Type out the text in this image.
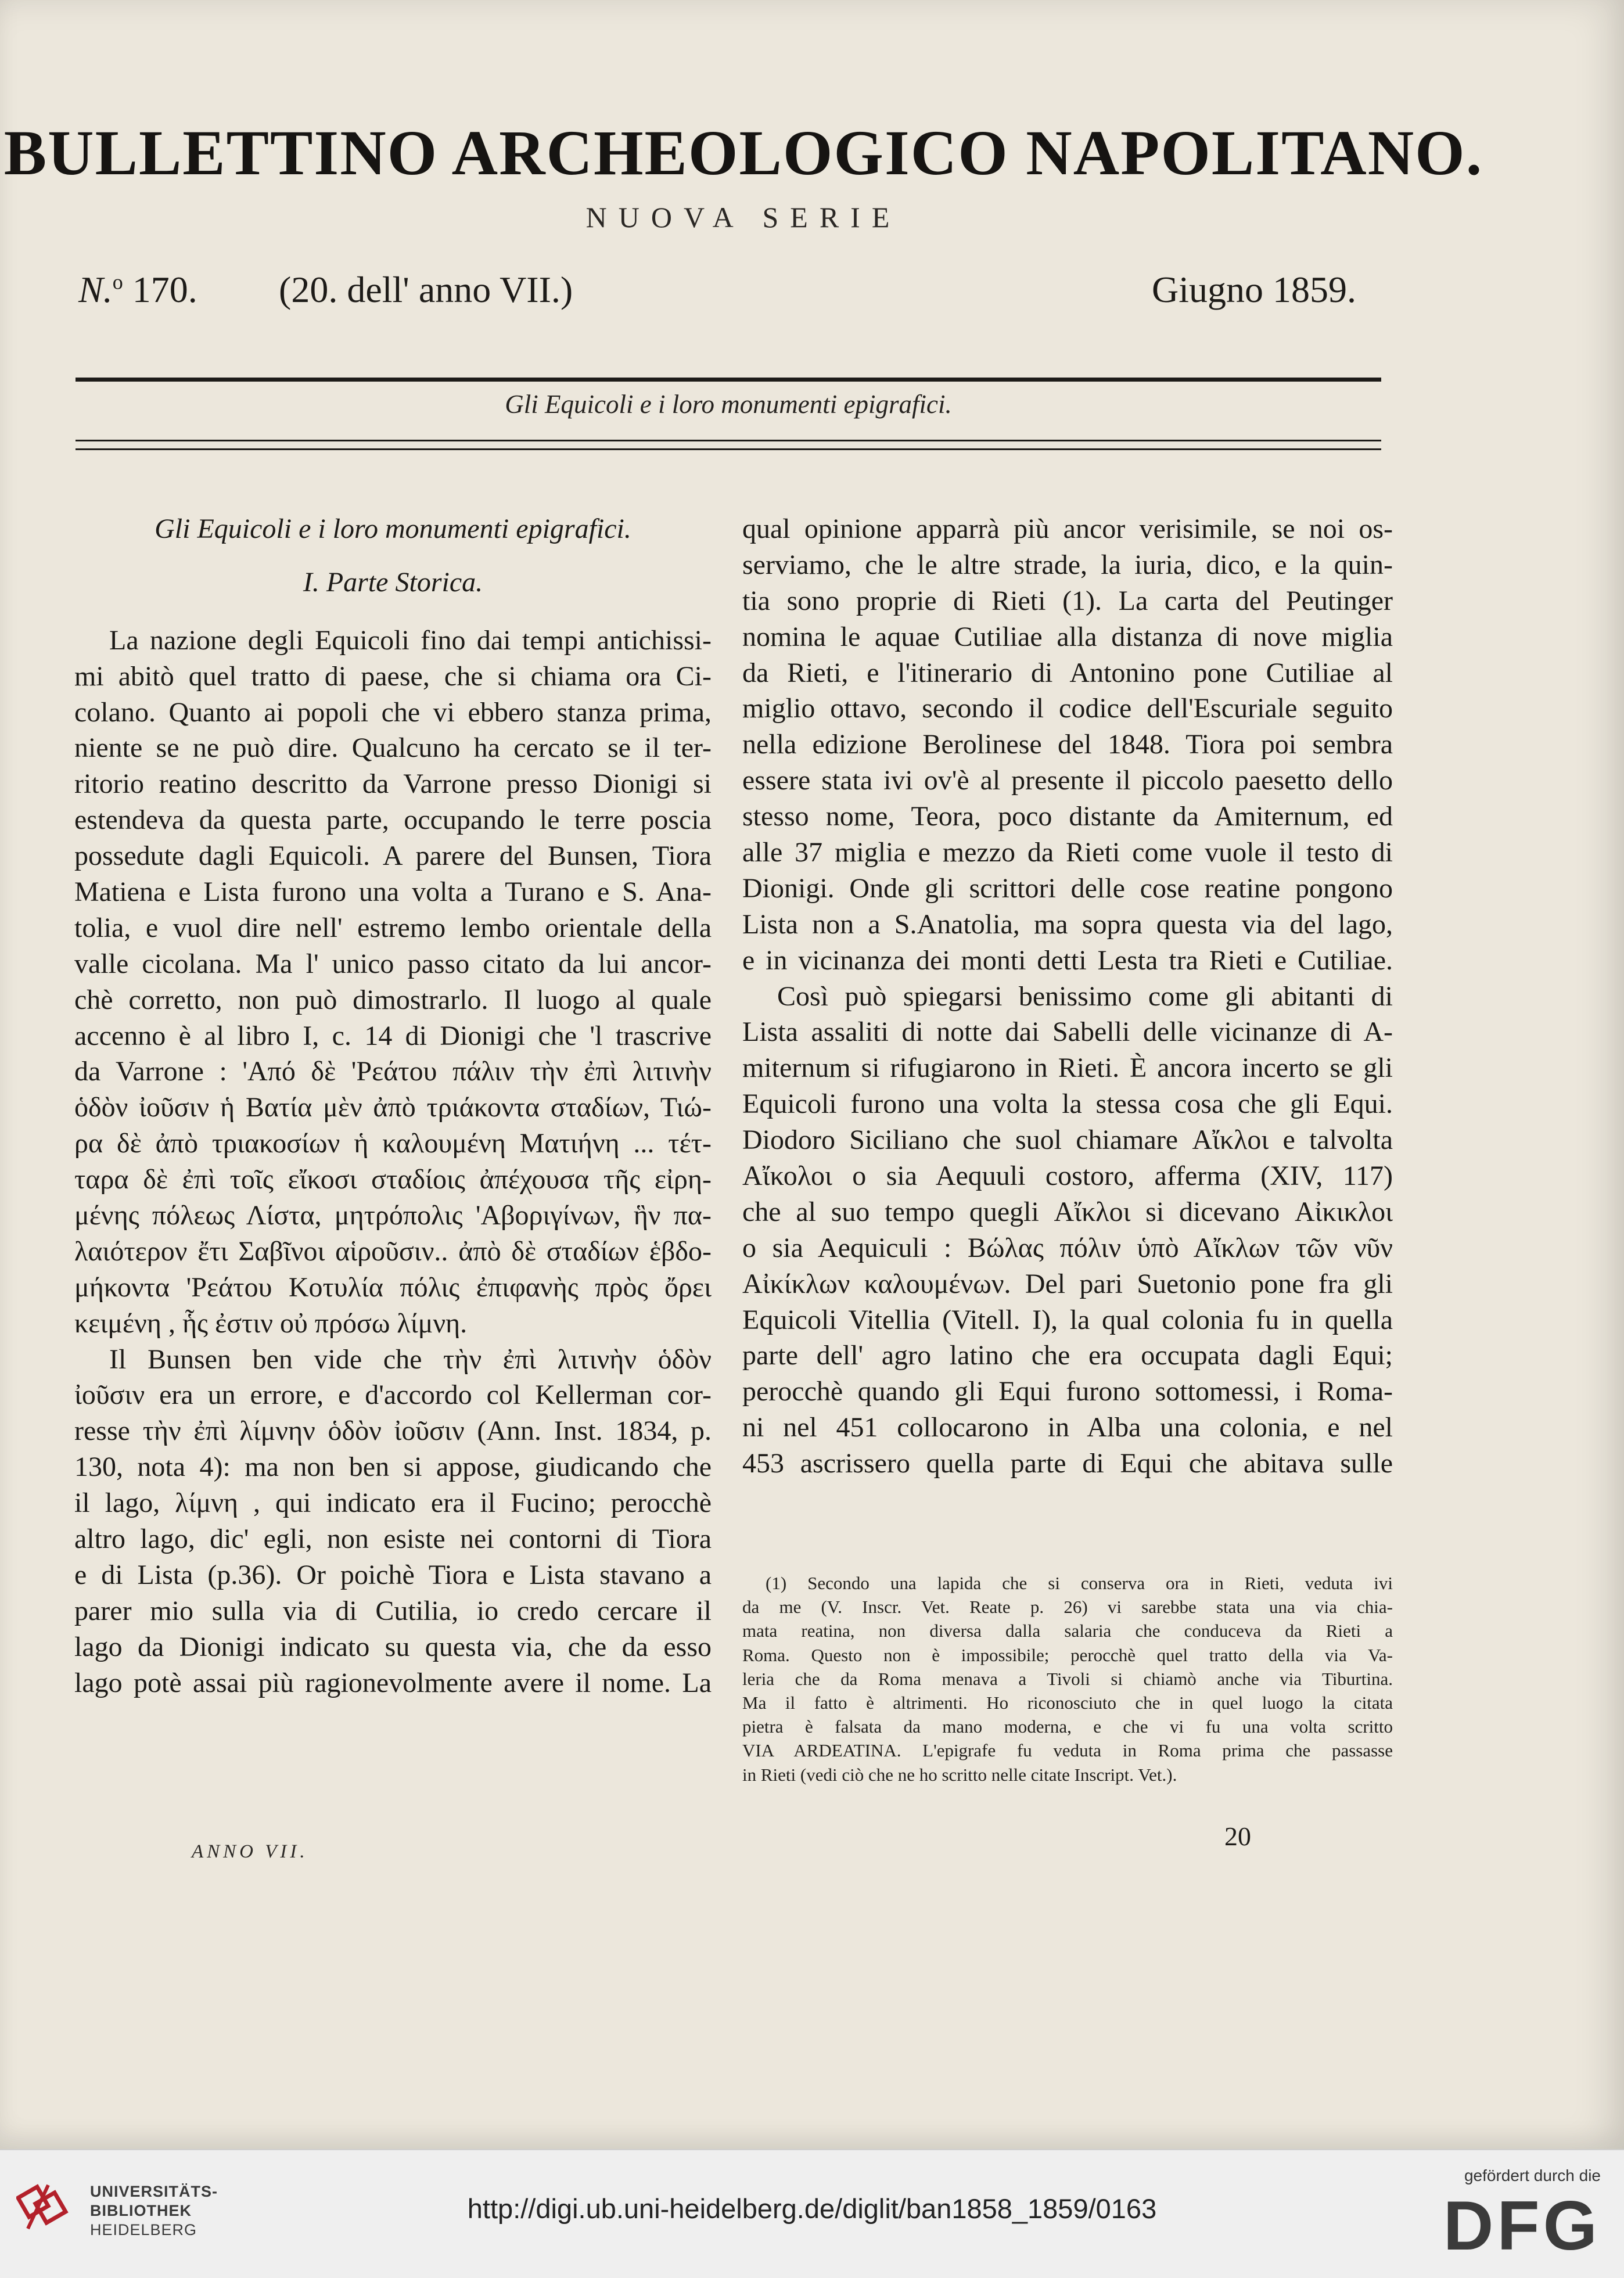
BULLETTINO ARCHEOLOGICO NAPOLITANO.
NUOVA SERIE
N.$^o$ 170. (20. dell' anno VII.)	Giugno 1859.
Gli Equicoli e i loro monumenti epigrafici.
Gli Equicoli e i loro monumenti epigrafici.
I. Parte Storica.
La nazione degli Equicoli fino dai tempi antichissi-
mi abitò quel tratto di paese, che si chiama ora Ci-
colano. Quanto ai popoli che vi ebbero stanza prima,
niente se ne può dire. Qualcuno ha cercato se il ter-
ritorio reatino descritto da Varrone presso Dionigi si
estendeva da questa parte, occupando le terre poscia
possedute dagli Equicoli. A parere del Bunsen, Tiora
Matiena e Lista furono una volta a Turano e S. Ana-
tolia, e vuol dire nell' estremo lembo orientale della
valle cicolana. Ma l' unico passo citato da lui ancor-
chè corretto, non può dimostrarlo. Il luogo al quale
accenno è al libro I, c. 14 di Dionigi che 'l trascrive
da Varrone : 'Από δὲ 'Ρεάτου πάλιν τὴν ἐπὶ λιτινὴν
ὁδὸν ἰοῦσιν ἡ Βατία μὲν ἀπὸ τριάκοντα σταδίων, Τιώ-
ρα δὲ ἀπὸ τριακοσίων ἡ καλουμένη Ματιήνη ... τέτ-
ταρα δὲ ἐπὶ τοῖς εἴκοσι σταδίοις ἀπέχουσα τῆς εἰρη-
μένης πόλεως Λίστα, μητρόπολις 'Αβοριγίνων, ἣν πα-
λαιότερον ἔτι Σαβῖνοι αἱροῦσιν.. ἀπὸ δὲ σταδίων ἑβδο-
μήκοντα 'Ρεάτου Κοτυλία πόλις ἐπιφανὴς πρὸς ὄρει
κειμένη , ἧς ἐστιν οὐ πρόσω λίμνη.
Il Bunsen ben vide che τὴν ἐπὶ λιτινὴν ὁδὸν
ἰοῦσιν era un errore, e d'accordo col Kellerman cor-
resse τὴν ἐπὶ λίμνην ὁδὸν ἰοῦσιν (Ann. Inst. 1834, p.
130, nota 4): ma non ben si appose, giudicando che
il lago, λίμνη , qui indicato era il Fucino; perocchè
altro lago, dic' egli, non esiste nei contorni di Tiora
e di Lista (p.36). Or poichè Tiora e Lista stavano a
parer mio sulla via di Cutilia, io credo cercare il
lago da Dionigi indicato su questa via, che da esso
lago potè assai più ragionevolmente avere il nome. La
qual opinione apparrà più ancor verisimile, se noi os-
serviamo, che le altre strade, la iuria, dico, e la quin-
tia sono proprie di Rieti (1). La carta del Peutinger
nomina le aquae Cutiliae alla distanza di nove miglia
da Rieti, e l'itinerario di Antonino pone Cutiliae al
miglio ottavo, secondo il codice dell'Escuriale seguito
nella edizione Berolinese del 1848. Tiora poi sembra
essere stata ivi ov'è al presente il piccolo paesetto dello
stesso nome, Teora, poco distante da Amiternum, ed
alle 37 miglia e mezzo da Rieti come vuole il testo di
Dionigi. Onde gli scrittori delle cose reatine pongono
Lista non a S.Anatolia, ma sopra questa via del lago,
e in vicinanza dei monti detti Lesta tra Rieti e Cutiliae.
Così può spiegarsi benissimo come gli abitanti di
Lista assaliti di notte dai Sabelli delle vicinanze di A-
miternum si rifugiarono in Rieti. È ancora incerto se gli
Equicoli furono una volta la stessa cosa che gli Equi.
Diodoro Siciliano che suol chiamare Αἴκλοι e talvolta
Αἴκολοι o sia Aequuli costoro, afferma (XIV, 117)
che al suo tempo quegli Αἴκλοι si dicevano Αἰκικλοι
o sia Aequiculi : Βώλας πόλιν ὑπὸ Αἴκλων τῶν νῦν
Αἰκίκλων καλουμένων. Del pari Suetonio pone fra gli
Equicoli Vitellia (Vitell. I), la qual colonia fu in quella
parte dell' agro latino che era occupata dagli Equi;
perocchè quando gli Equi furono sottomessi, i Roma-
ni nel 451 collocarono in Alba una colonia, e nel
453 ascrissero quella parte di Equi che abitava sulle
(1) Secondo una lapida che si conserva ora in Rieti, veduta ivi
da me (V. Inscr. Vet. Reate p. 26) vi sarebbe stata una via chia-
mata reatina, non diversa dalla salaria che conduceva da Rieti a
Roma. Questo non è impossibile; perocchè quel tratto della via Va-
leria che da Roma menava a Tivoli si chiamò anche via Tiburtina.
Ma il fatto è altrimenti. Ho riconosciuto che in quel luogo la citata
pietra è falsata da mano moderna, e che vi fu una volta scritto
VIA ARDEATINA. L'epigrafe fu veduta in Roma prima che passasse
in Rieti (vedi ciò che ne ho scritto nelle citate Inscript. Vet.).
ANNO VII.
20
UNIVERSITÄTS-
BIBLIOTHEK
HEIDELBERG
http://digi.ub.uni-heidelberg.de/diglit/ban1858_1859/0163
gefördert durch die
DFG
